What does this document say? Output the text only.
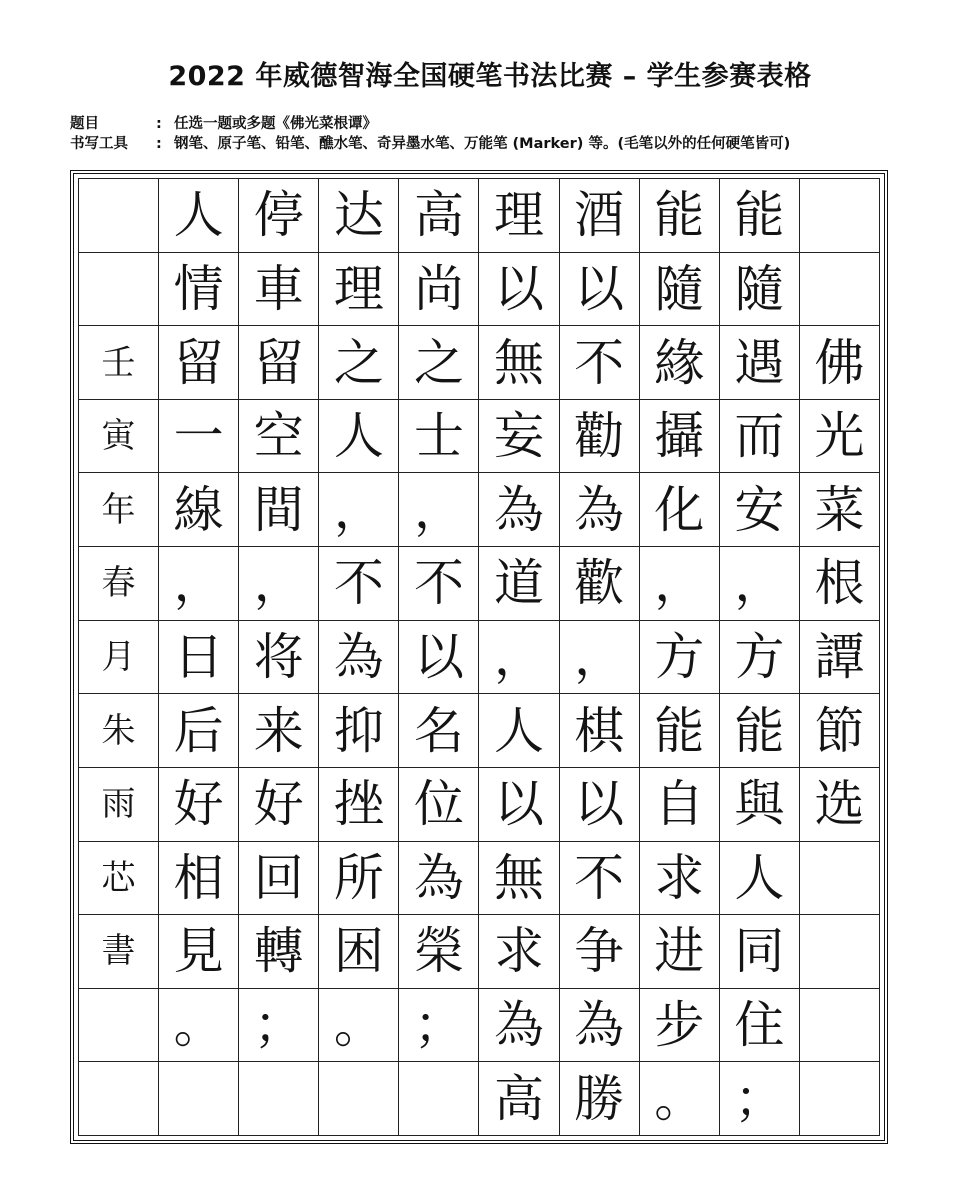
2022 年威德智海全国硬笔书法比赛 – 学生参赛表格
题目	: 任选一题或多题《佛光菜根谭》
书写工具	: 钢笔、原子笔、铅笔、醮水笔、奇异墨水笔、万能笔 (Marker) 等。(毛笔以外的任何硬笔皆可)
人 停 达 高 理 酒 能 能
情 車 理 尚 以 以 隨 隨
壬 留 留 之 之 無 不 緣 遇 佛
寅 一 空 人 士 妄 勸 攝 而 光
年 線 間 ， ， 為 為 化 安 菜
春 ， ， 不 不 道 歡 ， ， 根
月 日 将 為 以 ， ， 方 方 譚
朱 后 来 抑 名 人 棋 能 能 節
雨 好 好 挫 位 以 以 自 與 选
芯 相 回 所 為 無 不 求 人
書 見 轉 困 榮 求 争 进 同
。 ； 。 ； 為 為 步 住
高 勝 。 ；
